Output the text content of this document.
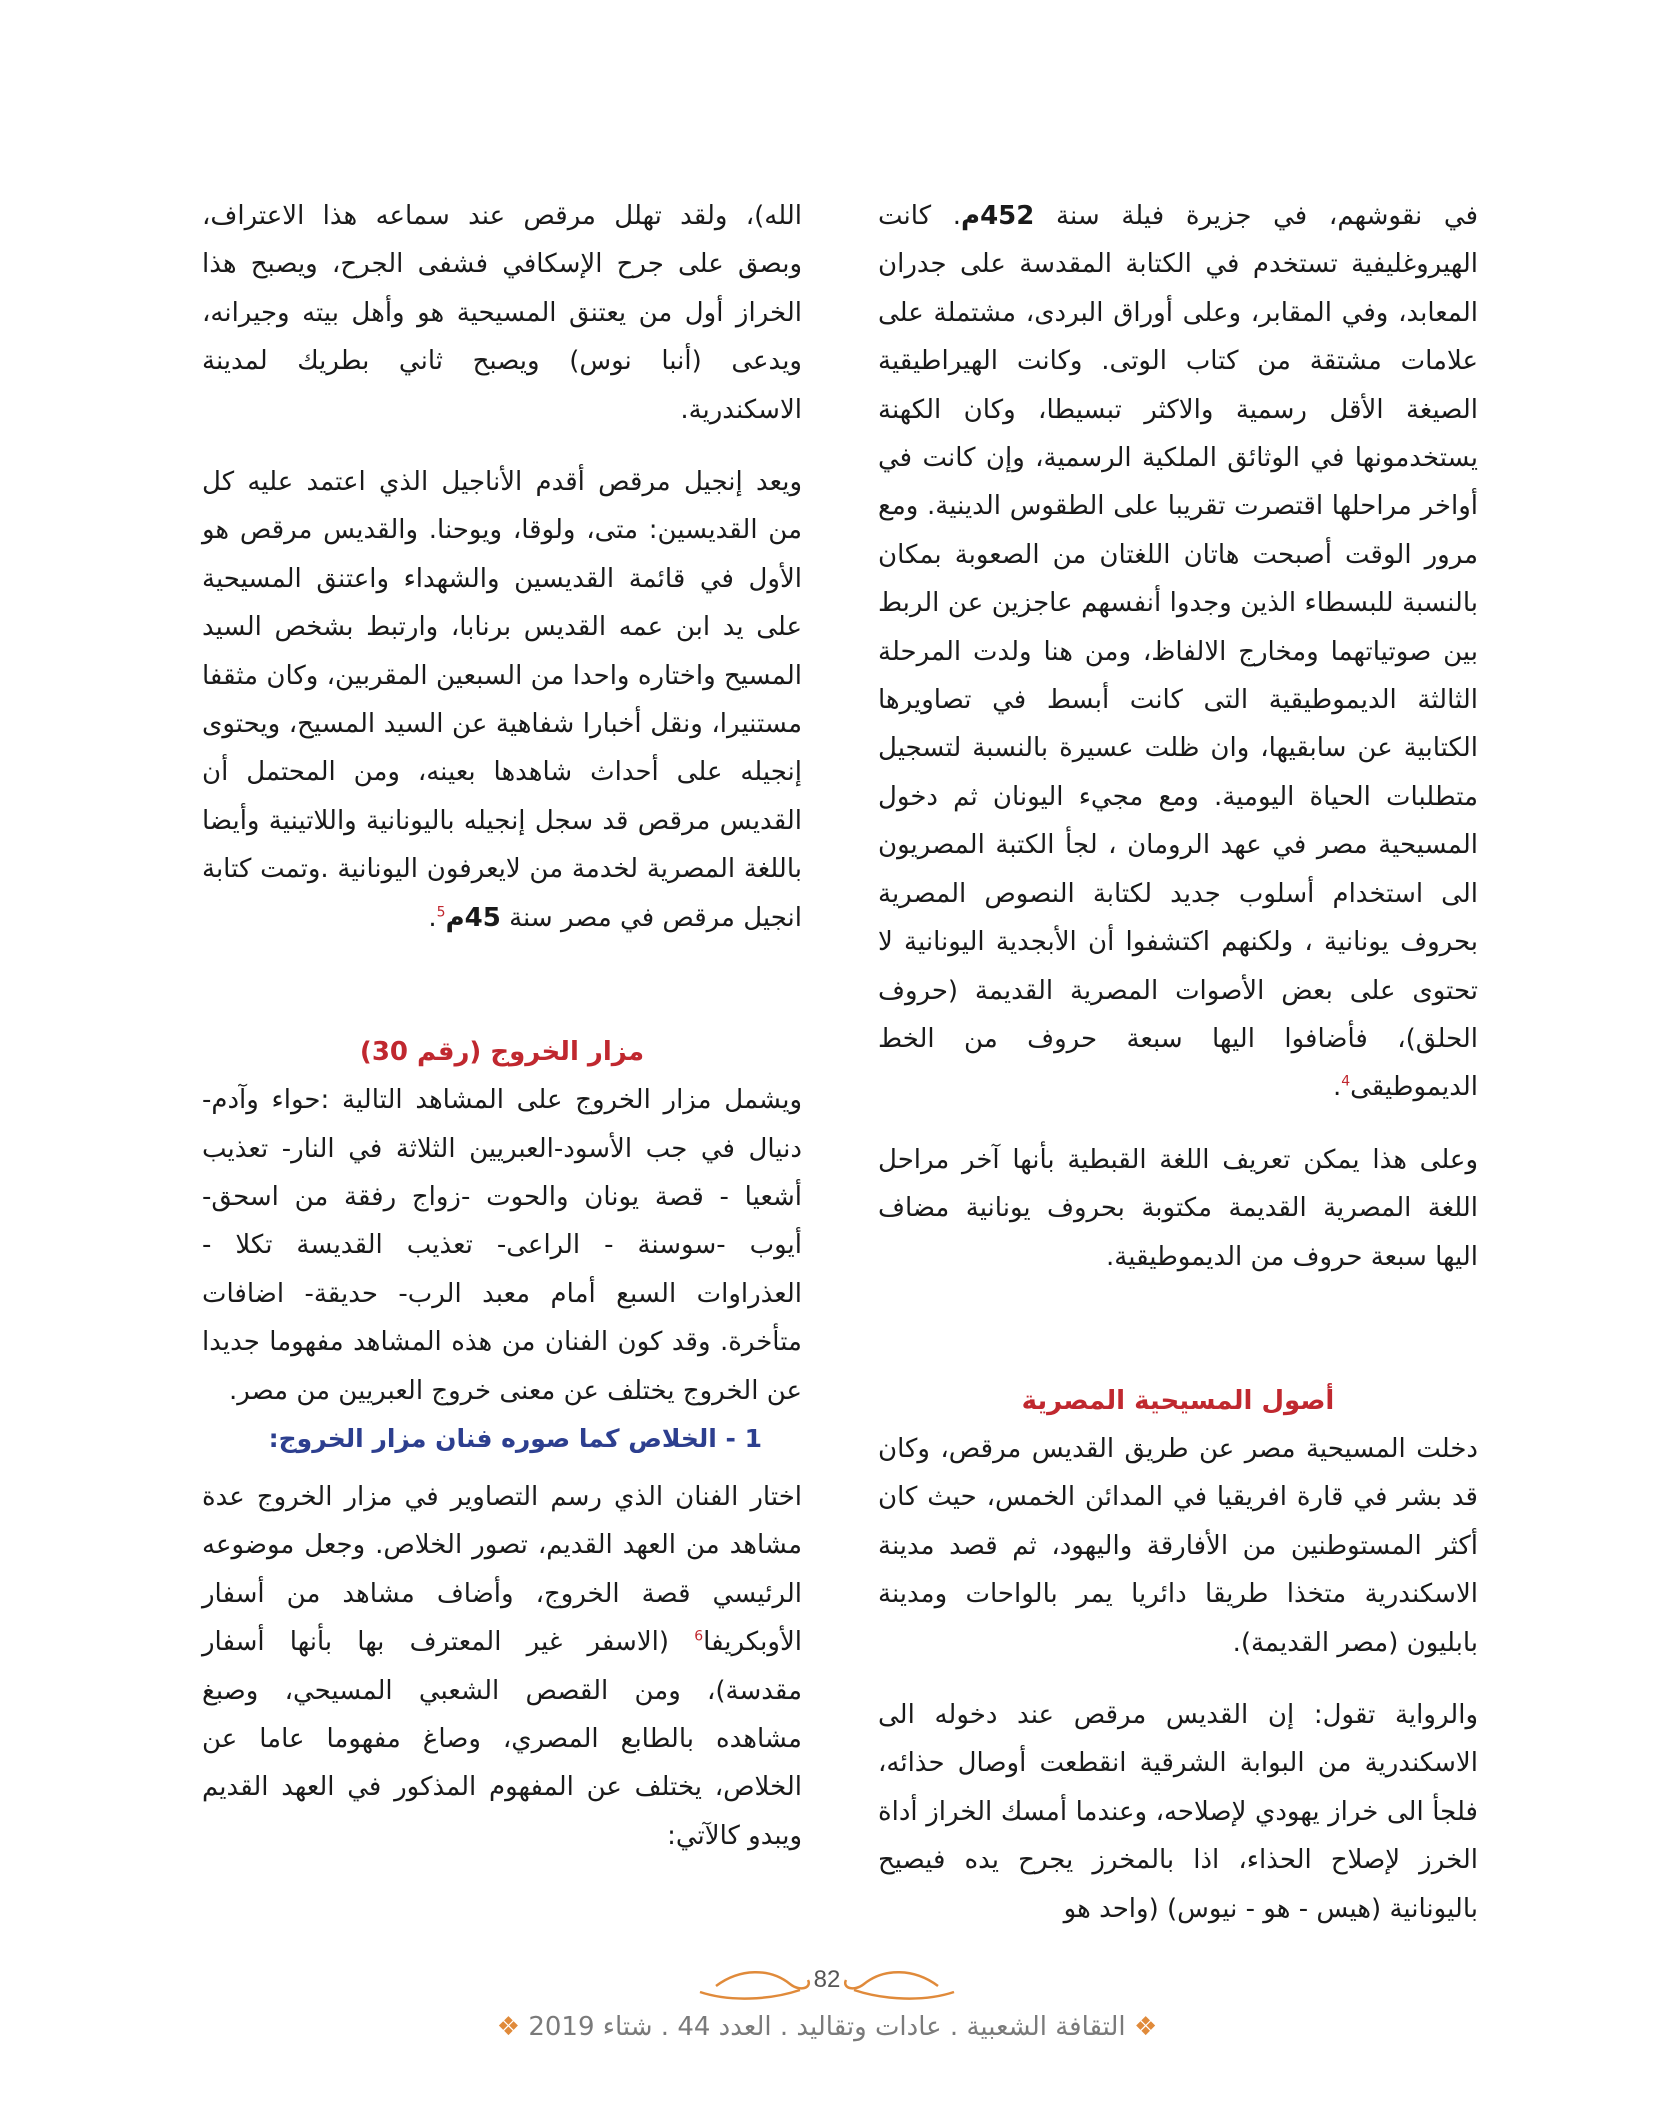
في نقوشهم، في جزيرة فيلة سنة 452م. كانت الهيروغليفية تستخدم في الكتابة المقدسة على جدران المعابد، وفي المقابر، وعلى أوراق البردى، مشتملة على علامات مشتقة من كتاب الوتى. وكانت الهيراطيقية الصيغة الأقل رسمية والاكثر تبسيطا، وكان الكهنة يستخدمونها في الوثائق الملكية الرسمية، وإن كانت في أواخر مراحلها اقتصرت تقريبا على الطقوس الدينية. ومع مرور الوقت أصبحت هاتان اللغتان من الصعوبة بمكان بالنسبة للبسطاء الذين وجدوا أنفسهم عاجزين عن الربط بين صوتياتهما ومخارج الالفاظ، ومن هنا ولدت المرحلة الثالثة الديموطيقية التى كانت أبسط في تصاويرها الكتابية عن سابقيها، وان ظلت عسيرة بالنسبة لتسجيل متطلبات الحياة اليومية. ومع مجيء اليونان ثم دخول المسيحية مصر في عهد الرومان ، لجأ الكتبة المصريون الى استخدام أسلوب جديد لكتابة النصوص المصرية بحروف يونانية ، ولكنهم اكتشفوا أن الأبجدية اليونانية لا تحتوى على بعض الأصوات المصرية القديمة (حروف الحلق)، فأضافوا اليها سبعة حروف من الخط الديموطيقى$^4$.

وعلى هذا يمكن تعريف اللغة القبطية بأنها آخر مراحل اللغة المصرية القديمة مكتوبة بحروف يونانية مضاف اليها سبعة حروف من الديموطيقية.

أصول المسيحية المصرية

دخلت المسيحية مصر عن طريق القديس مرقص، وكان قد بشر في قارة افريقيا في المدائن الخمس، حيث كان أكثر المستوطنين من الأفارقة واليهود، ثم قصد مدينة الاسكندرية متخذا طريقا دائريا يمر بالواحات ومدينة بابليون (مصر القديمة).

والرواية تقول: إن القديس مرقص عند دخوله الى الاسكندرية من البوابة الشرقية انقطعت أوصال حذائه، فلجأ الى خراز يهودي لإصلاحه، وعندما أمسك الخراز أداة الخرز لإصلاح الحذاء، اذا بالمخرز يجرح يده فيصيح باليونانية (هيس - هو - نيوس) (واحد هو

الله)، ولقد تهلل مرقص عند سماعه هذا الاعتراف، وبصق على جرح الإسكافي فشفى الجرح، ويصبح هذا الخراز أول من يعتنق المسيحية هو وأهل بيته وجيرانه، ويدعى (أنبا نوس) ويصبح ثاني بطريك لمدينة الاسكندرية.

ويعد إنجيل مرقص أقدم الأناجيل الذي اعتمد عليه كل من القديسين: متى، ولوقا، ويوحنا. والقديس مرقص هو الأول في قائمة القديسين والشهداء واعتنق المسيحية على يد ابن عمه القديس برنابا، وارتبط بشخص السيد المسيح واختاره واحدا من السبعين المقربين، وكان مثقفا مستنيرا، ونقل أخبارا شفاهية عن السيد المسيح، ويحتوى إنجيله على أحداث شاهدها بعينه، ومن المحتمل أن القديس مرقص قد سجل إنجيله باليونانية واللاتينية وأيضا باللغة المصرية لخدمة من لايعرفون اليونانية .وتمت كتابة انجيل مرقص في مصر سنة 45م$^5$.

مزار الخروج (رقم 30)

ويشمل مزار الخروج على المشاهد التالية :حواء وآدم- دنيال في جب الأسود-العبريين الثلاثة في النار- تعذيب أشعيا - قصة يونان والحوت -زواج رفقة من اسحق- أيوب -سوسنة - الراعى- تعذيب القديسة تكلا - العذراوات السبع أمام معبد الرب- حديقة- اضافات متأخرة. وقد كون الفنان من هذه المشاهد مفهوما جديدا عن الخروج يختلف عن معنى خروج العبريين من مصر.

1 - الخلاص كما صوره فنان مزار الخروج:

اختار الفنان الذي رسم التصاوير في مزار الخروج عدة مشاهد من العهد القديم، تصور الخلاص. وجعل موضوعه الرئيسي قصة الخروج، وأضاف مشاهد من أسفار الأوبكريفا$^6$ (الاسفر غير المعترف بها بأنها أسفار مقدسة)، ومن القصص الشعبي المسيحي، وصبغ مشاهده بالطابع المصري، وصاغ مفهوما عاما عن الخلاص، يختلف عن المفهوم المذكور في العهد القديم ويبدو كالآتي:

82
❖ التقافة الشعبية . عادات وتقاليد . العدد 44 . شتاء 2019 ❖
